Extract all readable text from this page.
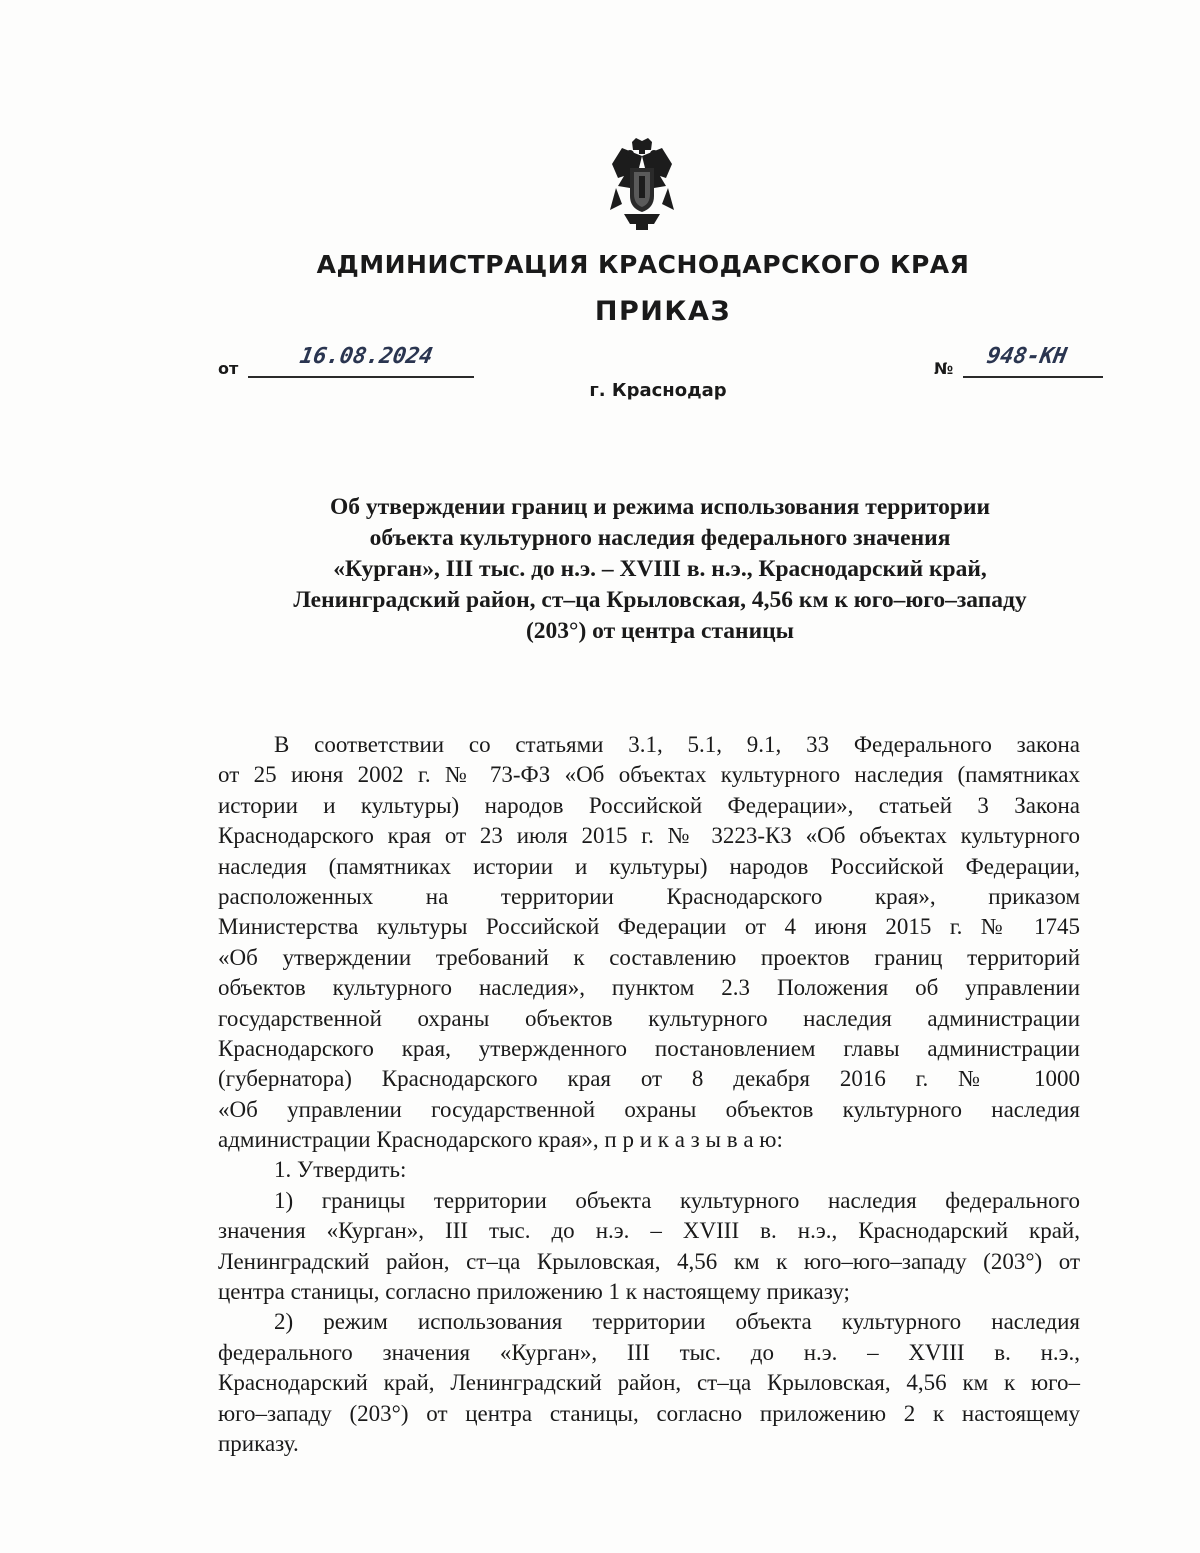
АДМИНИСТРАЦИЯ КРАСНОДАРСКОГО КРАЯ
ПРИКАЗ
от	16.08.2024	№ 948-КН
г. Краснодар
Об утверждении границ и режима использования территории
объекта культурного наследия федерального значения
«Курган», III тыс. до н.э. – XVIII в. н.э., Краснодарский край,
Ленинградский район, ст–ца Крыловская, 4,56 км к юго–юго–западу
(203°) от центра станицы
В соответствии со статьями 3.1, 5.1, 9.1, 33 Федерального закона
от 25 июня 2002 г. № 73-ФЗ «Об объектах культурного наследия (памятниках
истории и культуры) народов Российской Федерации», статьей 3 Закона
Краснодарского края от 23 июля 2015 г. № 3223-КЗ «Об объектах культурного
наследия (памятниках истории и культуры) народов Российской Федерации,
расположенных на территории Краснодарского края», приказом
Министерства культуры Российской Федерации от 4 июня 2015 г. № 1745
«Об утверждении требований к составлению проектов границ территорий
объектов культурного наследия», пунктом 2.3 Положения об управлении
государственной охраны объектов культурного наследия администрации
Краснодарского края, утвержденного постановлением главы администрации
(губернатора) Краснодарского края от 8 декабря 2016 г. № 1000
«Об управлении государственной охраны объектов культурного наследия
администрации Краснодарского края», п р и к а з ы в а ю:
1. Утвердить:
1) границы территории объекта культурного наследия федерального
значения «Курган», III тыс. до н.э. – XVIII в. н.э., Краснодарский край,
Ленинградский район, ст–ца Крыловская, 4,56 км к юго–юго–западу (203°) от
центра станицы, согласно приложению 1 к настоящему приказу;
2) режим использования территории объекта культурного наследия
федерального значения «Курган», III тыс. до н.э. – XVIII в. н.э.,
Краснодарский край, Ленинградский район, ст–ца Крыловская, 4,56 км к юго–
юго–западу (203°) от центра станицы, согласно приложению 2 к настоящему
приказу.
